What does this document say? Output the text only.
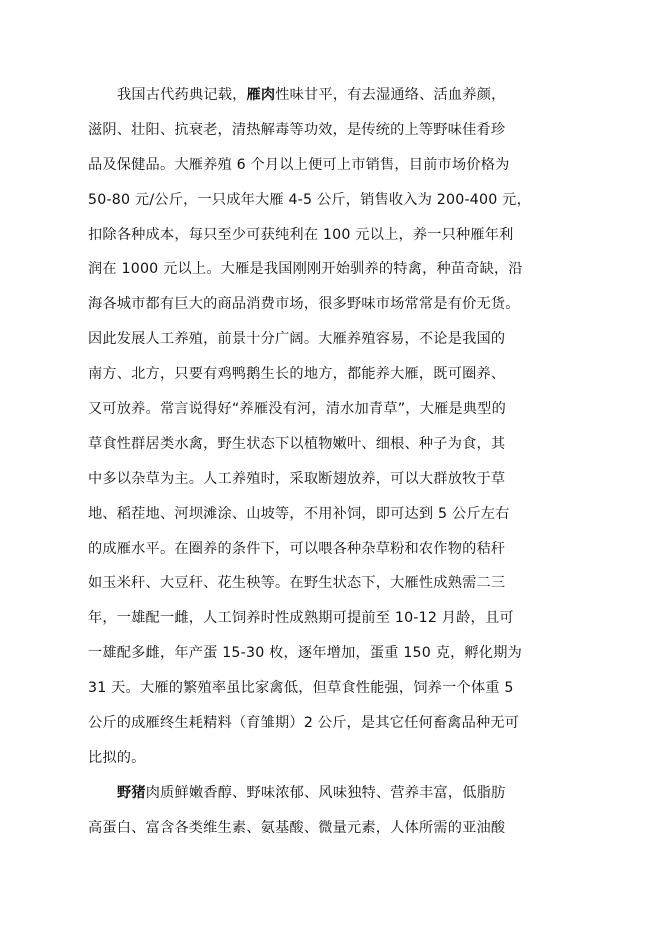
我国古代药典记载，雁肉性味甘平，有去湿通络、活血养颜，
滋阴、壮阳、抗衰老，清热解毒等功效，是传统的上等野味佳肴珍
品及保健品。大雁养殖 6 个月以上便可上市销售，目前市场价格为
50-80 元/公斤，一只成年大雁 4-5 公斤，销售收入为 200-400 元，
扣除各种成本，每只至少可获纯利在 100 元以上，养一只种雁年利
润在 1000 元以上。大雁是我国刚刚开始驯养的特禽，种苗奇缺，沿
海各城市都有巨大的商品消费市场，很多野味市场常常是有价无货。
因此发展人工养殖，前景十分广阔。大雁养殖容易，不论是我国的
南方、北方，只要有鸡鸭鹅生长的地方，都能养大雁，既可圈养、
又可放养。常言说得好“养雁没有河，清水加青草”，大雁是典型的
草食性群居类水禽，野生状态下以植物嫩叶、细根、种子为食，其
中多以杂草为主。人工养殖时，采取断翅放养，可以大群放牧于草
地、稻茬地、河坝滩涂、山坡等，不用补饲，即可达到 5 公斤左右
的成雁水平。在圈养的条件下，可以喂各种杂草粉和农作物的秸秆
如玉米秆、大豆秆、花生秧等。在野生状态下，大雁性成熟需二三
年，一雄配一雌，人工饲养时性成熟期可提前至 10-12 月龄，且可
一雄配多雌，年产蛋 15-30 枚，逐年增加，蛋重 150 克，孵化期为
31 天。大雁的繁殖率虽比家禽低，但草食性能强，饲养一个体重 5
公斤的成雁终生耗精料（育雏期）2 公斤，是其它任何畜禽品种无可
比拟的。
野猪肉质鲜嫩香醇、野味浓郁、风味独特、营养丰富，低脂肪
高蛋白、富含各类维生素、氨基酸、微量元素，人体所需的亚油酸
